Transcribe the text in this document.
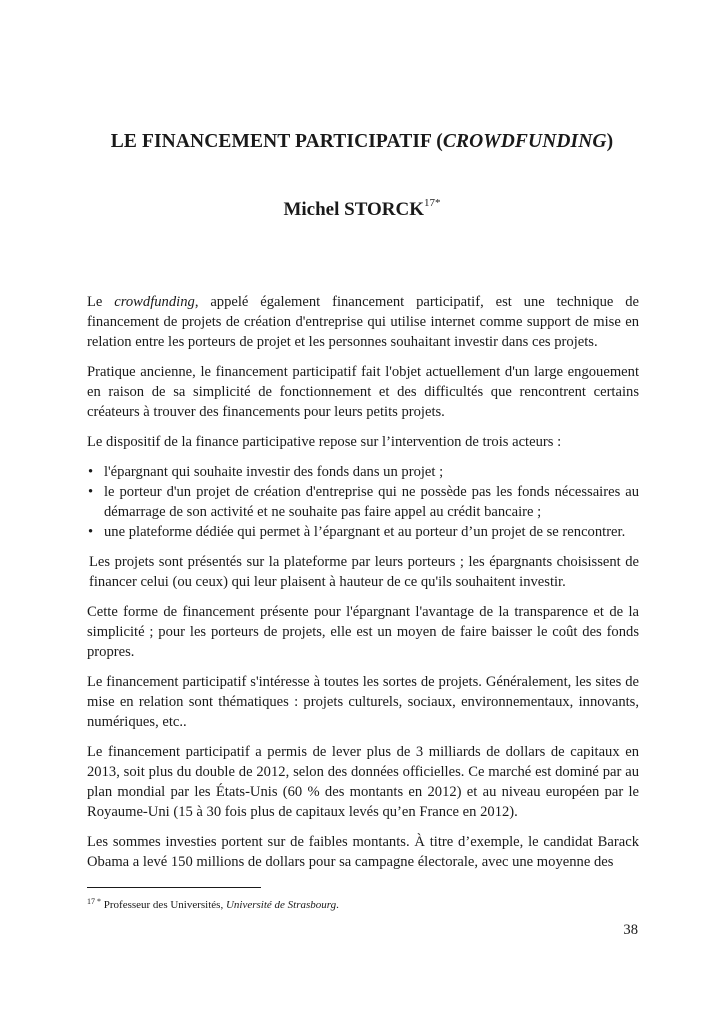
LE FINANCEMENT PARTICIPATIF (CROWDFUNDING)
Michel $STORCK^{17*}$

Le crowdfunding, appelé également financement participatif, est une technique de financement de projets de création d'entreprise qui utilise internet comme support de mise en relation entre les porteurs de projet et les personnes souhaitant investir dans ces projets.

Pratique ancienne, le financement participatif fait l'objet actuellement d'un large engouement en raison de sa simplicité de fonctionnement et des difficultés que rencontrent certains créateurs à trouver des financements pour leurs petits projets.

Le dispositif de la finance participative repose sur l’intervention de trois acteurs :

• l'épargnant qui souhaite investir des fonds dans un projet ;
• le porteur d'un projet de création d'entreprise qui ne possède pas les fonds nécessaires au démarrage de son activité et ne souhaite pas faire appel au crédit bancaire ;
• une plateforme dédiée qui permet à l’épargnant et au porteur d’un projet de se rencontrer.

Les projets sont présentés sur la plateforme par leurs porteurs ; les épargnants choisissent de financer celui (ou ceux) qui leur plaisent à hauteur de ce qu'ils souhaitent investir.

Cette forme de financement présente pour l'épargnant l'avantage de la transparence et de la simplicité ; pour les porteurs de projets, elle est un moyen de faire baisser le coût des fonds propres.

Le financement participatif s'intéresse à toutes les sortes de projets. Généralement, les sites de mise en relation sont thématiques : projets culturels, sociaux, environnementaux, innovants, numériques, etc..

Le financement participatif a permis de lever plus de 3 milliards de dollars de capitaux en 2013, soit plus du double de 2012, selon des données officielles. Ce marché est dominé par au plan mondial par les États-Unis (60 % des montants en 2012) et au niveau européen par le Royaume-Uni (15 à 30 fois plus de capitaux levés qu’en France en 2012).

Les sommes investies portent sur de faibles montants. À titre d’exemple, le candidat Barack Obama a levé 150 millions de dollars pour sa campagne électorale, avec une moyenne des

$^{17 *}$ Professeur des Universités, Université de Strasbourg.
38
